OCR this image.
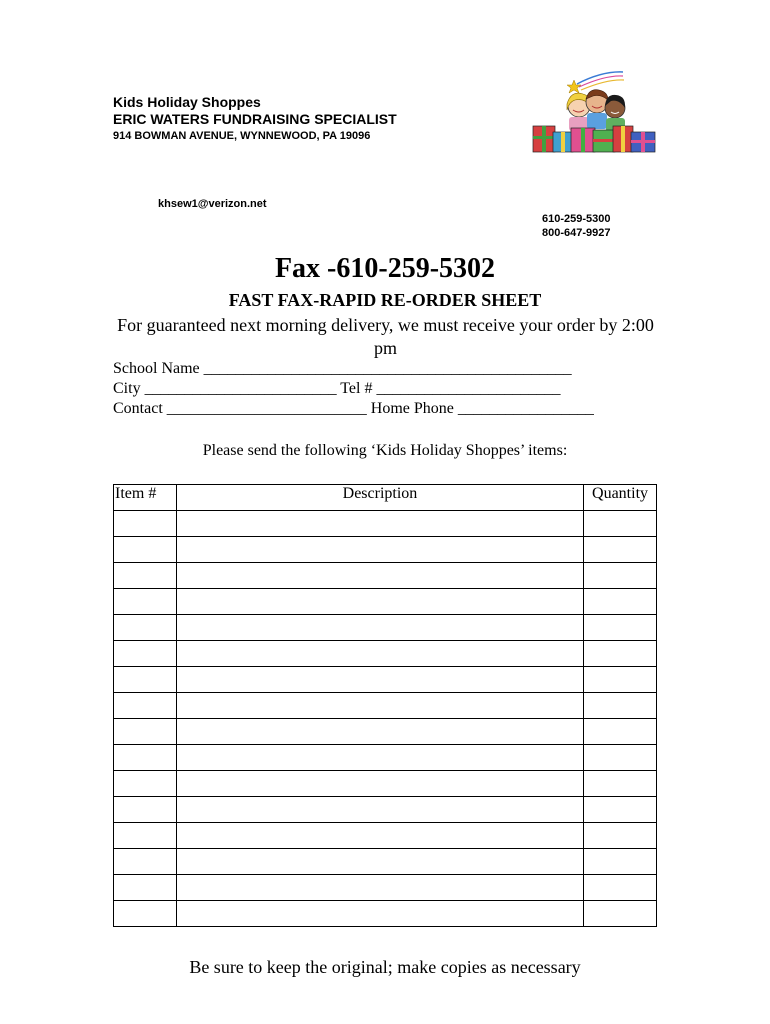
Kids Holiday Shoppes
ERIC WATERS FUNDRAISING SPECIALIST
914 BOWMAN AVENUE, WYNNEWOOD, PA 19096
khsew1@verizon.net
610-259-5300
800-647-9927
Fax -610-259-5302
FAST FAX-RAPID RE-ORDER SHEET
For guaranteed next morning delivery, we must receive your order by 2:00 pm
School Name ______________________________________________
City ________________________ Tel # _______________________
Contact _________________________ Home Phone _________________
Please send the following ‘Kids Holiday Shoppes’ items:
Item #	Description	Quantity

Be sure to keep the original; make copies as necessary
